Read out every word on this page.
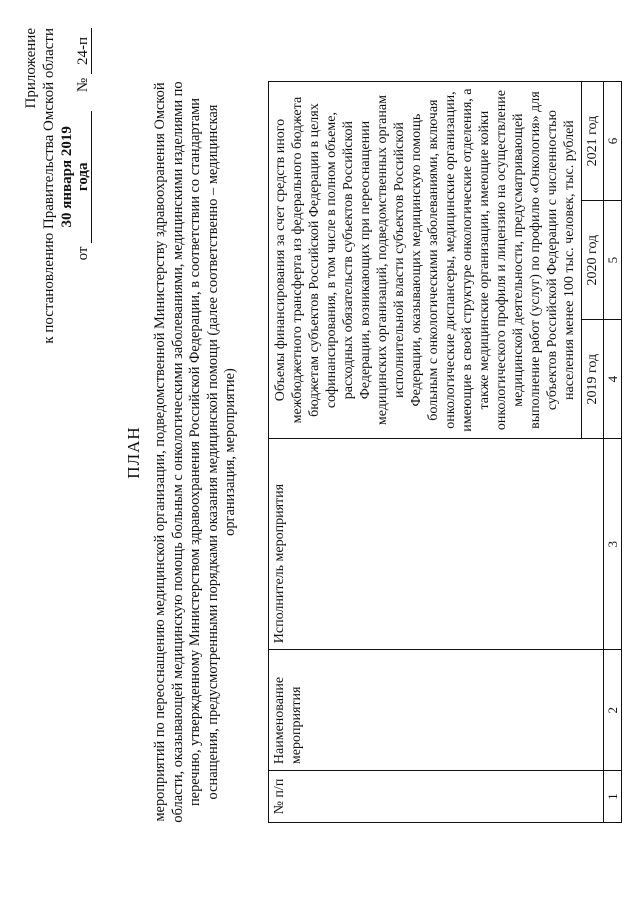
Приложение к постановлению Правительства Омской области	от 30 января 2019 года     № 24-п
ПЛАН мероприятий по переоснащению медицинской организации, подведомственной Министерству здравоохранения Омской области, оказывающей медицинскую помощь больным с онкологическими заболеваниями, медицинскими изделиями по перечню, утвержденному Министерством здравоохранения Российской Федерации, в соответствии со стандартами оснащения, предусмотренными порядками оказания медицинской помощи (далее соответственно – медицинская организация, мероприятие)
№ п/п	Наименование мероприятия	Исполнитель мероприятия	Объемы финансирования за счет средств иного межбюджетного трансферта из федерального бюджета бюджетам субъектов Российской Федерации в целях софинансирования, в том числе в полном объеме, расходных обязательств субъектов Российской Федерации, возникающих при переоснащении медицинских организаций, подведомственных органам исполнительной власти субъектов Российской Федерации, оказывающих медицинскую помощь больным с онкологическими заболеваниями, включая онкологические диспансеры, медицинские организации, имеющие в своей структуре онкологические отделения, а также медицинские организации, имеющие койки онкологического профиля и лицензию на осуществление медицинской деятельности, предусматривающей выполнение работ (услуг) по профилю «Онкология» для субъектов Российской Федерации с численностью населения менее 100 тыс. человек, тыс. рублей		
			2019 год	2020 год	2021 год
1	2	3	4	5	6
